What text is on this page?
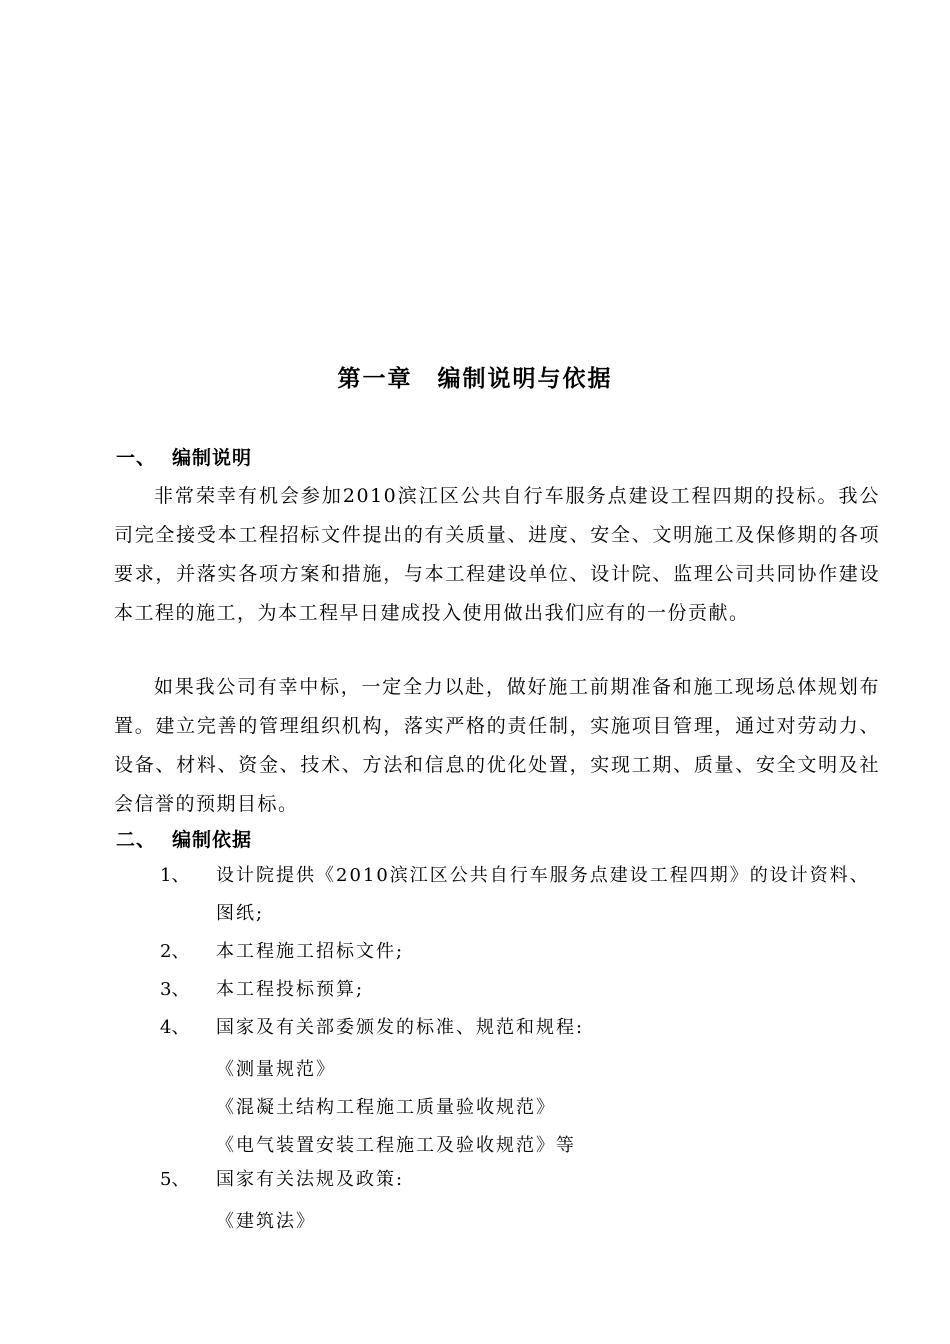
第一章　编制说明与依据
一、 编制说明
非常荣幸有机会参加2010滨江区公共自行车服务点建设工程四期的投标。我公司完全接受本工程招标文件提出的有关质量、进度、安全、文明施工及保修期的各项要求，并落实各项方案和措施，与本工程建设单位、设计院、监理公司共同协作建设本工程的施工，为本工程早日建成投入使用做出我们应有的一份贡献。
如果我公司有幸中标，一定全力以赴，做好施工前期准备和施工现场总体规划布置。建立完善的管理组织机构，落实严格的责任制，实施项目管理，通过对劳动力、设备、材料、资金、技术、方法和信息的优化处置，实现工期、质量、安全文明及社会信誉的预期目标。
二、 编制依据
1、	设计院提供《2010滨江区公共自行车服务点建设工程四期》的设计资料、图纸;
2、	本工程施工招标文件;
3、	本工程投标预算;
4、	国家及有关部委颁发的标准、规范和规程:
《测量规范》
《混凝土结构工程施工质量验收规范》
《电气装置安装工程施工及验收规范》等
5、	国家有关法规及政策:
《建筑法》
